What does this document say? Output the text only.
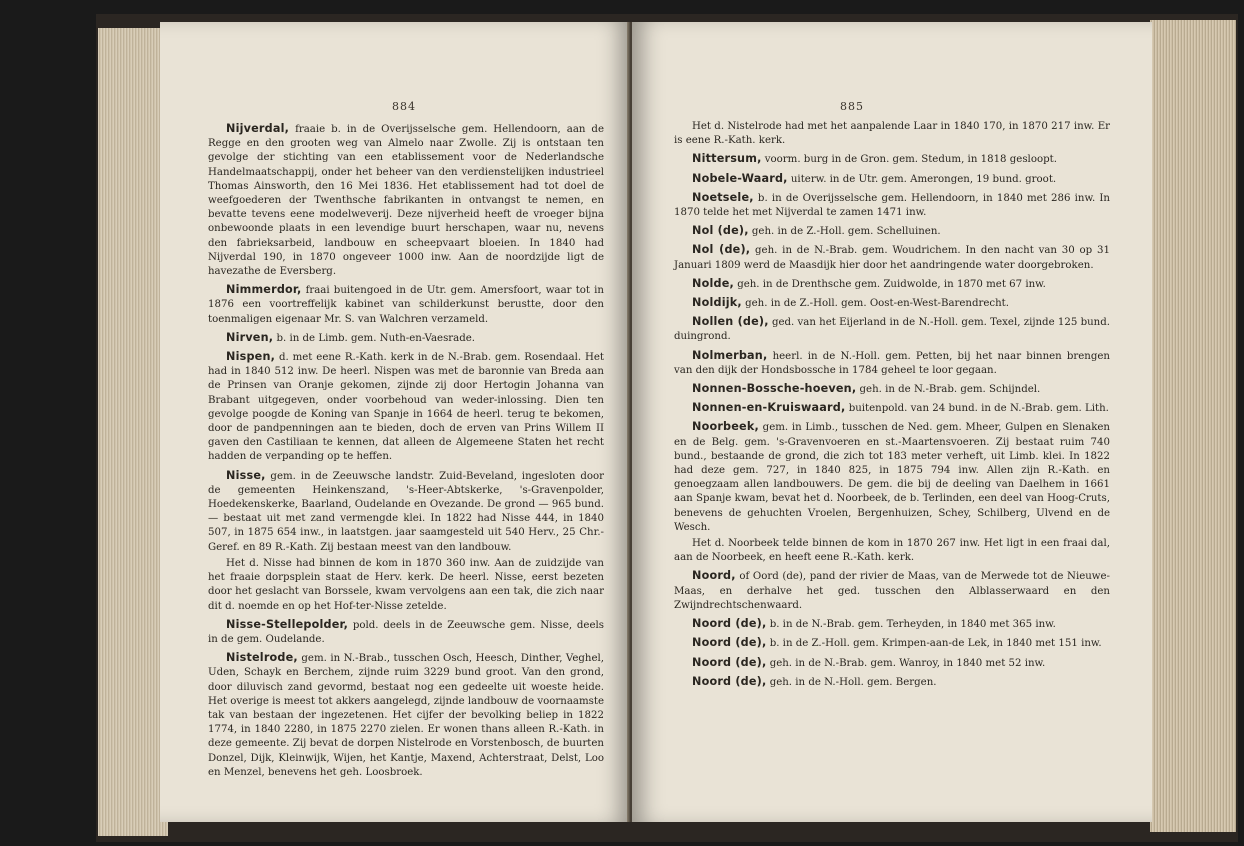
884

Nijverdal, fraaie b. in de Overijsselsche gem. Hellendoorn, aan de Regge en den grooten weg van Almelo naar Zwolle. Zij is ontstaan ten gevolge der stichting van een etablissement voor de Nederlandsche Handelmaatschappij, onder het beheer van den verdienstelijken industrieel Thomas Ainsworth, den 16 Mei 1836. Het etablissement had tot doel de weefgoederen der Twenthsche fabrikanten in ontvangst te nemen, en bevatte tevens eene modelweverij. Deze nijverheid heeft de vroeger bijna onbewoonde plaats in een levendige buurt herschapen, waar nu, nevens den fabrieksarbeid, landbouw en scheepvaart bloeien. In 1840 had Nijverdal 190, in 1870 ongeveer 1000 inw. Aan de noordzijde ligt de havezathe de Eversberg.

Nimmerdor, fraai buitengoed in de Utr. gem. Amersfoort, waar tot in 1876 een voortreffelijk kabinet van schilderkunst berustte, door den toenmaligen eigenaar Mr. S. van Walchren verzameld.

Nirven, b. in de Limb. gem. Nuth-en-Vaesrade.

Nispen, d. met eene R.-Kath. kerk in de N.-Brab. gem. Rosendaal. Het had in 1840 512 inw. De heerl. Nispen was met de baronnie van Breda aan de Prinsen van Oranje gekomen, zijnde zij door Hertogin Johanna van Brabant uitgegeven, onder voorbehoud van weder-inlossing. Dien ten gevolge poogde de Koning van Spanje in 1664 de heerl. terug te bekomen, door de pandpenningen aan te bieden, doch de erven van Prins Willem II gaven den Castiliaan te kennen, dat alleen de Algemeene Staten het recht hadden de verpanding op te heffen.

Nisse, gem. in de Zeeuwsche landstr. Zuid-Beveland, ingesloten door de gemeenten Heinkenszand, 's-Heer-Abtskerke, 's-Gravenpolder, Hoedekenskerke, Baarland, Oudelande en Ovezande. De grond — 965 bund. — bestaat uit met zand vermengde klei. In 1822 had Nisse 444, in 1840 507, in 1875 654 inw., in laatstgen. jaar saamgesteld uit 540 Herv., 25 Chr.-Geref. en 89 R.-Kath. Zij bestaan meest van den landbouw.

Het d. Nisse had binnen de kom in 1870 360 inw. Aan de zuidzijde van het fraaie dorpsplein staat de Herv. kerk. De heerl. Nisse, eerst bezeten door het geslacht van Borssele, kwam vervolgens aan een tak, die zich naar dit d. noemde en op het Hof-ter-Nisse zetelde.

Nisse-Stellepolder, pold. deels in de Zeeuwsche gem. Nisse, deels in de gem. Oudelande.

Nistelrode, gem. in N.-Brab., tusschen Osch, Heesch, Dinther, Veghel, Uden, Schayk en Berchem, zijnde ruim 3229 bund groot. Van den grond, door diluvisch zand gevormd, bestaat nog een gedeelte uit woeste heide. Het overige is meest tot akkers aangelegd, zijnde landbouw de voornaamste tak van bestaan der ingezetenen. Het cijfer der bevolking beliep in 1822 1774, in 1840 2280, in 1875 2270 zielen. Er wonen thans alleen R.-Kath. in deze gemeente. Zij bevat de dorpen Nistelrode en Vorstenbosch, de buurten Donzel, Dijk, Kleinwijk, Wijen, het Kantje, Maxend, Achterstraat, Delst, Loo en Menzel, benevens het geh. Loosbroek.

885

Het d. Nistelrode had met het aanpalende Laar in 1840 170, in 1870 217 inw. Er is eene R.-Kath. kerk.

Nittersum, voorm. burg in de Gron. gem. Stedum, in 1818 gesloopt.

Nobele-Waard, uiterw. in de Utr. gem. Amerongen, 19 bund. groot.

Noetsele, b. in de Overijsselsche gem. Hellendoorn, in 1840 met 286 inw. In 1870 telde het met Nijverdal te zamen 1471 inw.

Nol (de), geh. in de Z.-Holl. gem. Schelluinen.

Nol (de), geh. in de N.-Brab. gem. Woudrichem. In den nacht van 30 op 31 Januari 1809 werd de Maasdijk hier door het aandringende water doorgebroken.

Nolde, geh. in de Drenthsche gem. Zuidwolde, in 1870 met 67 inw.

Noldijk, geh. in de Z.-Holl. gem. Oost-en-West-Barendrecht.

Nollen (de), ged. van het Eijerland in de N.-Holl. gem. Texel, zijnde 125 bund. duingrond.

Nolmerban, heerl. in de N.-Holl. gem. Petten, bij het naar binnen brengen van den dijk der Hondsbossche in 1784 geheel te loor gegaan.

Nonnen-Bossche-hoeven, geh. in de N.-Brab. gem. Schijndel.

Nonnen-en-Kruiswaard, buitenpold. van 24 bund. in de N.-Brab. gem. Lith.

Noorbeek, gem. in Limb., tusschen de Ned. gem. Mheer, Gulpen en Slenaken en de Belg. gem. 's-Gravenvoeren en st.-Maartensvoeren. Zij bestaat ruim 740 bund., bestaande de grond, die zich tot 183 meter verheft, uit Limb. klei. In 1822 had deze gem. 727, in 1840 825, in 1875 794 inw. Allen zijn R.-Kath. en genoegzaam allen landbouwers. De gem. die bij de deeling van Daelhem in 1661 aan Spanje kwam, bevat het d. Noorbeek, de b. Terlinden, een deel van Hoog-Cruts, benevens de gehuchten Vroelen, Bergenhuizen, Schey, Schilberg, Ulvend en de Wesch.

Het d. Noorbeek telde binnen de kom in 1870 267 inw. Het ligt in een fraai dal, aan de Noorbeek, en heeft eene R.-Kath. kerk.

Noord, of Oord (de), pand der rivier de Maas, van de Merwede tot de Nieuwe-Maas, en derhalve het ged. tusschen den Alblasserwaard en den Zwijndrechtschenwaard.

Noord (de), b. in de N.-Brab. gem. Terheyden, in 1840 met 365 inw.

Noord (de), b. in de Z.-Holl. gem. Krimpen-aan-de Lek, in 1840 met 151 inw.

Noord (de), geh. in de N.-Brab. gem. Wanroy, in 1840 met 52 inw.

Noord (de), geh. in de N.-Holl. gem. Bergen.
